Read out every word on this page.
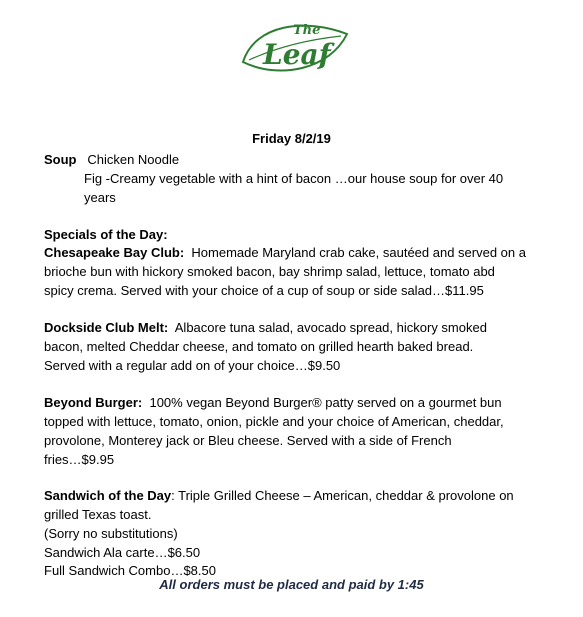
The
Leaf
Friday 8/2/19
Soup Chicken Noodle
Fig -Creamy vegetable with a hint of bacon …our house soup for over 40
years
Specials of the Day:
Chesapeake Bay Club: Homemade Maryland crab cake, sautéed and served on a
brioche bun with hickory smoked bacon, bay shrimp salad, lettuce, tomato abd
spicy crema. Served with your choice of a cup of soup or side salad…$11.95
Dockside Club Melt: Albacore tuna salad, avocado spread, hickory smoked
bacon, melted Cheddar cheese, and tomato on grilled hearth baked bread.
Served with a regular add on of your choice…$9.50
Beyond Burger: 100% vegan Beyond Burger® patty served on a gourmet bun
topped with lettuce, tomato, onion, pickle and your choice of American, cheddar,
provolone, Monterey jack or Bleu cheese. Served with a side of French
fries…$9.95
Sandwich of the Day: Triple Grilled Cheese – American, cheddar & provolone on
grilled Texas toast.
(Sorry no substitutions)
Sandwich Ala carte…$6.50
Full Sandwich Combo…$8.50
All orders must be placed and paid by 1:45
